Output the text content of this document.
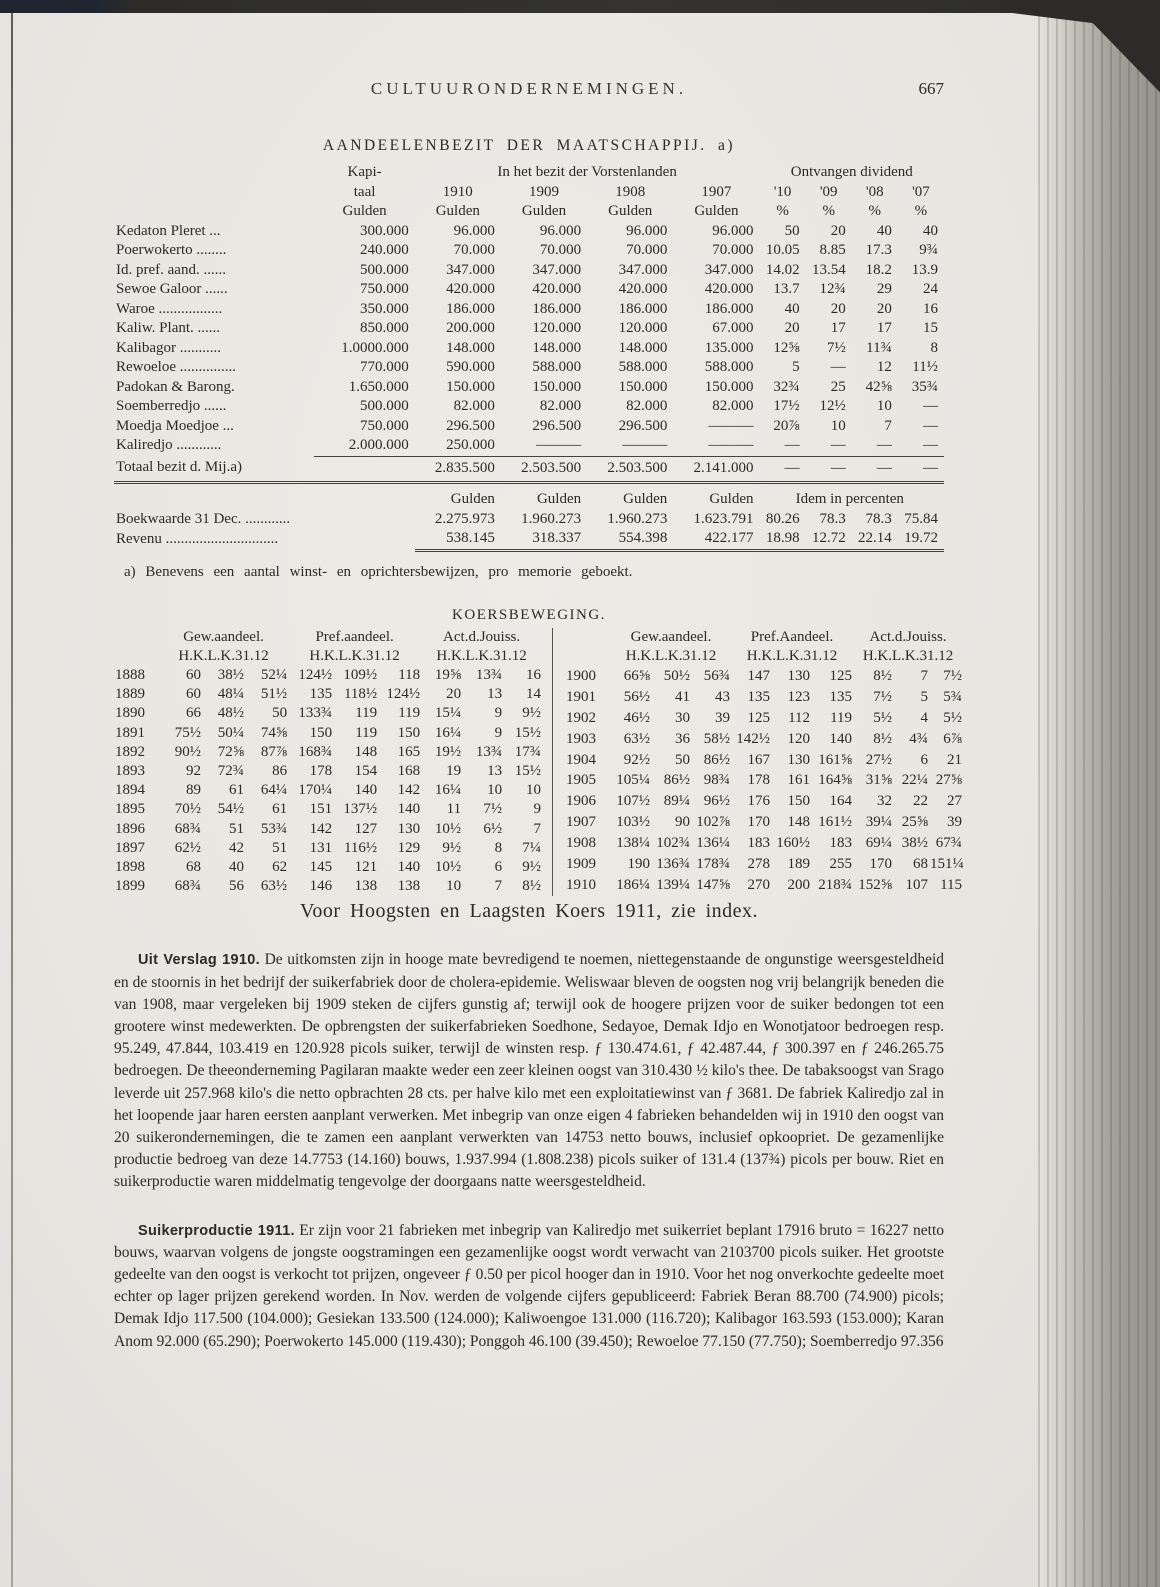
CULTUURONDERNEMINGEN.	667
AANDEELENBEZIT DER MAATSCHAPPIJ. a)
	Kapi-	In het bezit der Vorstenlanden				Ontvangen dividend			
	taal	1910	1909	1908	1907	'10	'09	'08	'07
	Gulden	Gulden	Gulden	Gulden	Gulden	%	%	%	%
Kedaton Pleret ...	300.000	96.000	96.000	96.000	96.000	50	20	40	40
Poerwokerto ........	240.000	70.000	70.000	70.000	70.000	10.05	8.85	17.3	9¾
Id. pref. aand. ......	500.000	347.000	347.000	347.000	347.000	14.02	13.54	18.2	13.9
Sewoe Galoor ......	750.000	420.000	420.000	420.000	420.000	13.7	12¾	29	24
Waroe .................	350.000	186.000	186.000	186.000	186.000	40	20	20	16
Kaliw. Plant. ......	850.000	200.000	120.000	120.000	67.000	20	17	17	15
Kalibagor ...........	1.0000.000	148.000	148.000	148.000	135.000	12⅝	7½	11¾	8
Rewoeloe ...............	770.000	590.000	588.000	588.000	588.000	5	—	12	11½
Padokan & Barong.	1.650.000	150.000	150.000	150.000	150.000	32¾	25	42⅝	35¾
Soemberredjo ......	500.000	82.000	82.000	82.000	82.000	17½	12½	10	—
Moedja Moedjoe ...	750.000	296.500	296.500	296.500	———	20⅞	10	7	—
Kaliredjo ............	2.000.000	250.000	———	———	———	—	—	—	—
Totaal bezit d. Mij.a)		2.835.500	2.503.500	2.503.500	2.141.000	—	—	—	—
	Gulden	Gulden	Gulden	Gulden	Idem in percenten			
Boekwaarde 31 Dec. ............	2.275.973	1.960.273	1.960.273	1.623.791	80.26	78.3	78.3	75.84
Revenu ..............................	538.145	318.337	554.398	422.177	18.98	12.72	22.14	19.72
a) Benevens een aantal winst- en oprichtersbewijzen, pro memorie geboekt.
KOERSBEWEGING.
	Gew.aandeel.			Pref.aandeel.			Act.d.Jouiss.		
	H.K.L.K.31.12			H.K.L.K.31.12			H.K.L.K.31.12		
1888	60	38½	52¼	124½	109½	118	19⅝	13¾	16
1889	60	48¼	51½	135	118½	124½	20	13	14
1890	66	48½	50	133¾	119	119	15¼	9	9½
1891	75½	50¼	74⅝	150	119	150	16¼	9	15½
1892	90½	72⅝	87⅞	168¾	148	165	19½	13¾	17¾
1893	92	72¾	86	178	154	168	19	13	15½
1894	89	61	64¼	170¼	140	142	16¼	10	10
1895	70½	54½	61	151	137½	140	11	7½	9
1896	68¾	51	53¾	142	127	130	10½	6½	7
1897	62½	42	51	131	116½	129	9½	8	7¼
1898	68	40	62	145	121	140	10½	6	9½
1899	68¾	56	63½	146	138	138	10	7	8½
	Gew.aandeel.			Pref.Aandeel.			Act.d.Jouiss.		
	H.K.L.K.31.12			H.K.L.K.31.12			H.K.L.K.31.12		
1900	66⅝	50½	56¾	147	130	125	8½	7	7½
1901	56½	41	43	135	123	135	7½	5	5¾
1902	46½	30	39	125	112	119	5½	4	5½
1903	63½	36	58½	142½	120	140	8½	4¾	6⅞
1904	92½	50	86½	167	130	161⅝	27½	6	21
1905	105¼	86½	98¾	178	161	164⅝	31⅝	22¼	27⅝
1906	107½	89¼	96½	176	150	164	32	22	27
1907	103½	90	102⅞	170	148	161½	39¼	25⅝	39
1908	138¼	102¾	136¼	183	160½	183	69¼	38½	67¾
1909	190	136¾	178¾	278	189	255	170	68	151¼
1910	186¼	139¼	147⅝	270	200	218¾	152⅝	107	115
Voor Hoogsten en Laagsten Koers 1911, zie index.

Uit Verslag 1910. De uitkomsten zijn in hooge mate bevredigend te noemen, niettegenstaande de ongunstige weersgesteldheid en de stoornis in het bedrijf der suikerfabriek door de cholera-epidemie. Weliswaar bleven de oogsten nog vrij belangrijk beneden die van 1908, maar vergeleken bij 1909 steken de cijfers gunstig af; terwijl ook de hoogere prijzen voor de suiker bedongen tot een grootere winst medewerkten. De opbrengsten der suikerfabrieken Soedhone, Sedayoe, Demak Idjo en Wonotjatoor bedroegen resp. 95.249, 47.844, 103.419 en 120.928 picols suiker, terwijl de winsten resp. ƒ 130.474.61, ƒ 42.487.44, ƒ 300.397 en ƒ 246.265.75 bedroegen. De theeonderneming Pagilaran maakte weder een zeer kleinen oogst van 310.430 ½ kilo's thee. De tabaksoogst van Srago leverde uit 257.968 kilo's die netto opbrachten 28 cts. per halve kilo met een exploitatiewinst van ƒ 3681. De fabriek Kaliredjo zal in het loopende jaar haren eersten aanplant verwerken. Met inbegrip van onze eigen 4 fabrieken behandelden wij in 1910 den oogst van 20 suikerondernemingen, die te zamen een aanplant verwerkten van 14753 netto bouws, inclusief opkoopriet. De gezamenlijke productie bedroeg van deze 14.7753 (14.160) bouws, 1.937.994 (1.808.238) picols suiker of 131.4 (137¾) picols per bouw. Riet en suikerproductie waren middelmatig tengevolge der doorgaans natte weersgesteldheid.

Suikerproductie 1911. Er zijn voor 21 fabrieken met inbegrip van Kaliredjo met suikerriet beplant 17916 bruto = 16227 netto bouws, waarvan volgens de jongste oogstramingen een gezamenlijke oogst wordt verwacht van 2103700 picols suiker. Het grootste gedeelte van den oogst is verkocht tot prijzen, ongeveer ƒ 0.50 per picol hooger dan in 1910. Voor het nog onverkochte gedeelte moet echter op lager prijzen gerekend worden. In Nov. werden de volgende cijfers gepubliceerd: Fabriek Beran 88.700 (74.900) picols; Demak Idjo 117.500 (104.000); Gesiekan 133.500 (124.000); Kaliwoengoe 131.000 (116.720); Kalibagor 163.593 (153.000); Karan Anom 92.000 (65.290); Poerwokerto 145.000 (119.430); Ponggoh 46.100 (39.450); Rewoeloe 77.150 (77.750); Soemberredjo 97.356
